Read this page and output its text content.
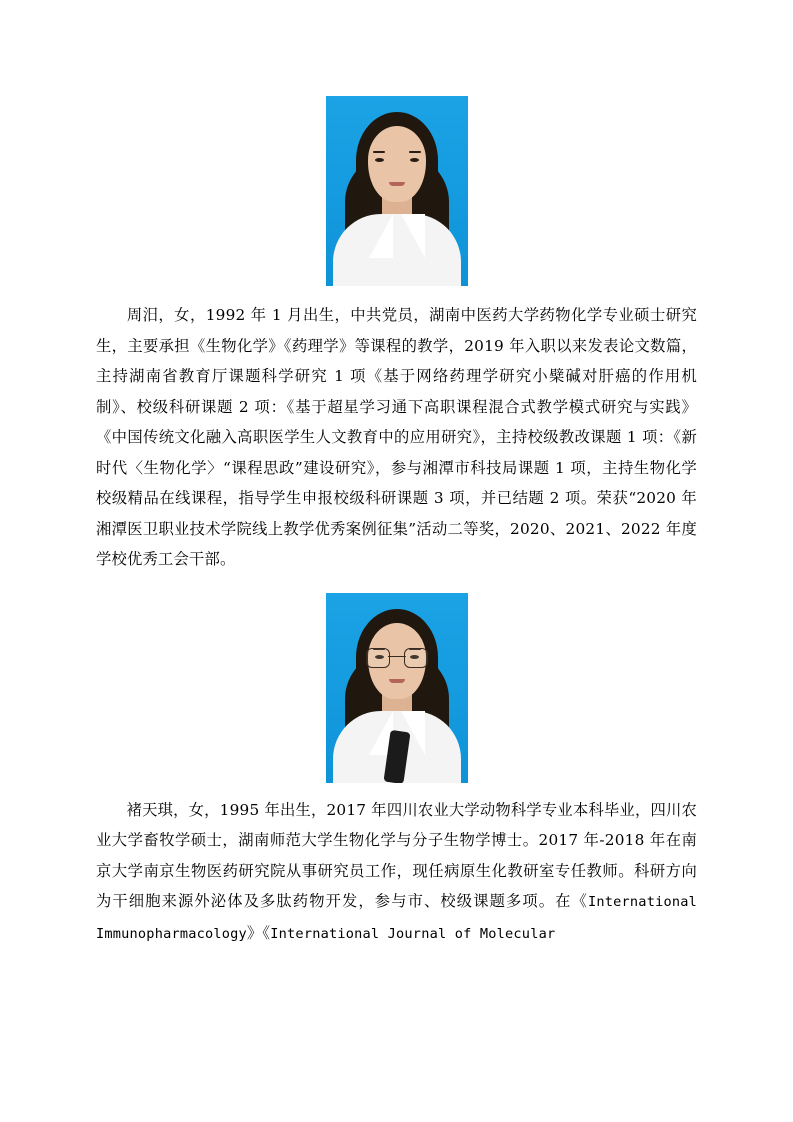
周汨，女，1992 年 1 月出生，中共党员，湖南中医药大学药物化学专业硕士研究生，主要承担《生物化学》《药理学》等课程的教学，2019 年入职以来发表论文数篇，主持湖南省教育厅课题科学研究 1 项《基于网络药理学研究小檗碱对肝癌的作用机制》、校级科研课题 2 项：《基于超星学习通下高职课程混合式教学模式研究与实践》《中国传统文化融入高职医学生人文教育中的应用研究》，主持校级教改课题 1 项：《新时代〈生物化学〉“课程思政”建设研究》，参与湘潭市科技局课题 1 项，主持生物化学校级精品在线课程，指导学生申报校级科研课题 3 项，并已结题 2 项。荣获“2020 年湘潭医卫职业技术学院线上教学优秀案例征集”活动二等奖，2020、2021、2022 年度学校优秀工会干部。

褚天琪，女，1995 年出生，2017 年四川农业大学动物科学专业本科毕业，四川农业大学畜牧学硕士，湖南师范大学生物化学与分子生物学博士。2017 年-2018 年在南京大学南京生物医药研究院从事研究员工作，现任病原生化教研室专任教师。科研方向为干细胞来源外泌体及多肽药物开发，参与市、校级课题多项。在《International Immunopharmacology》《International Journal of Molecular
